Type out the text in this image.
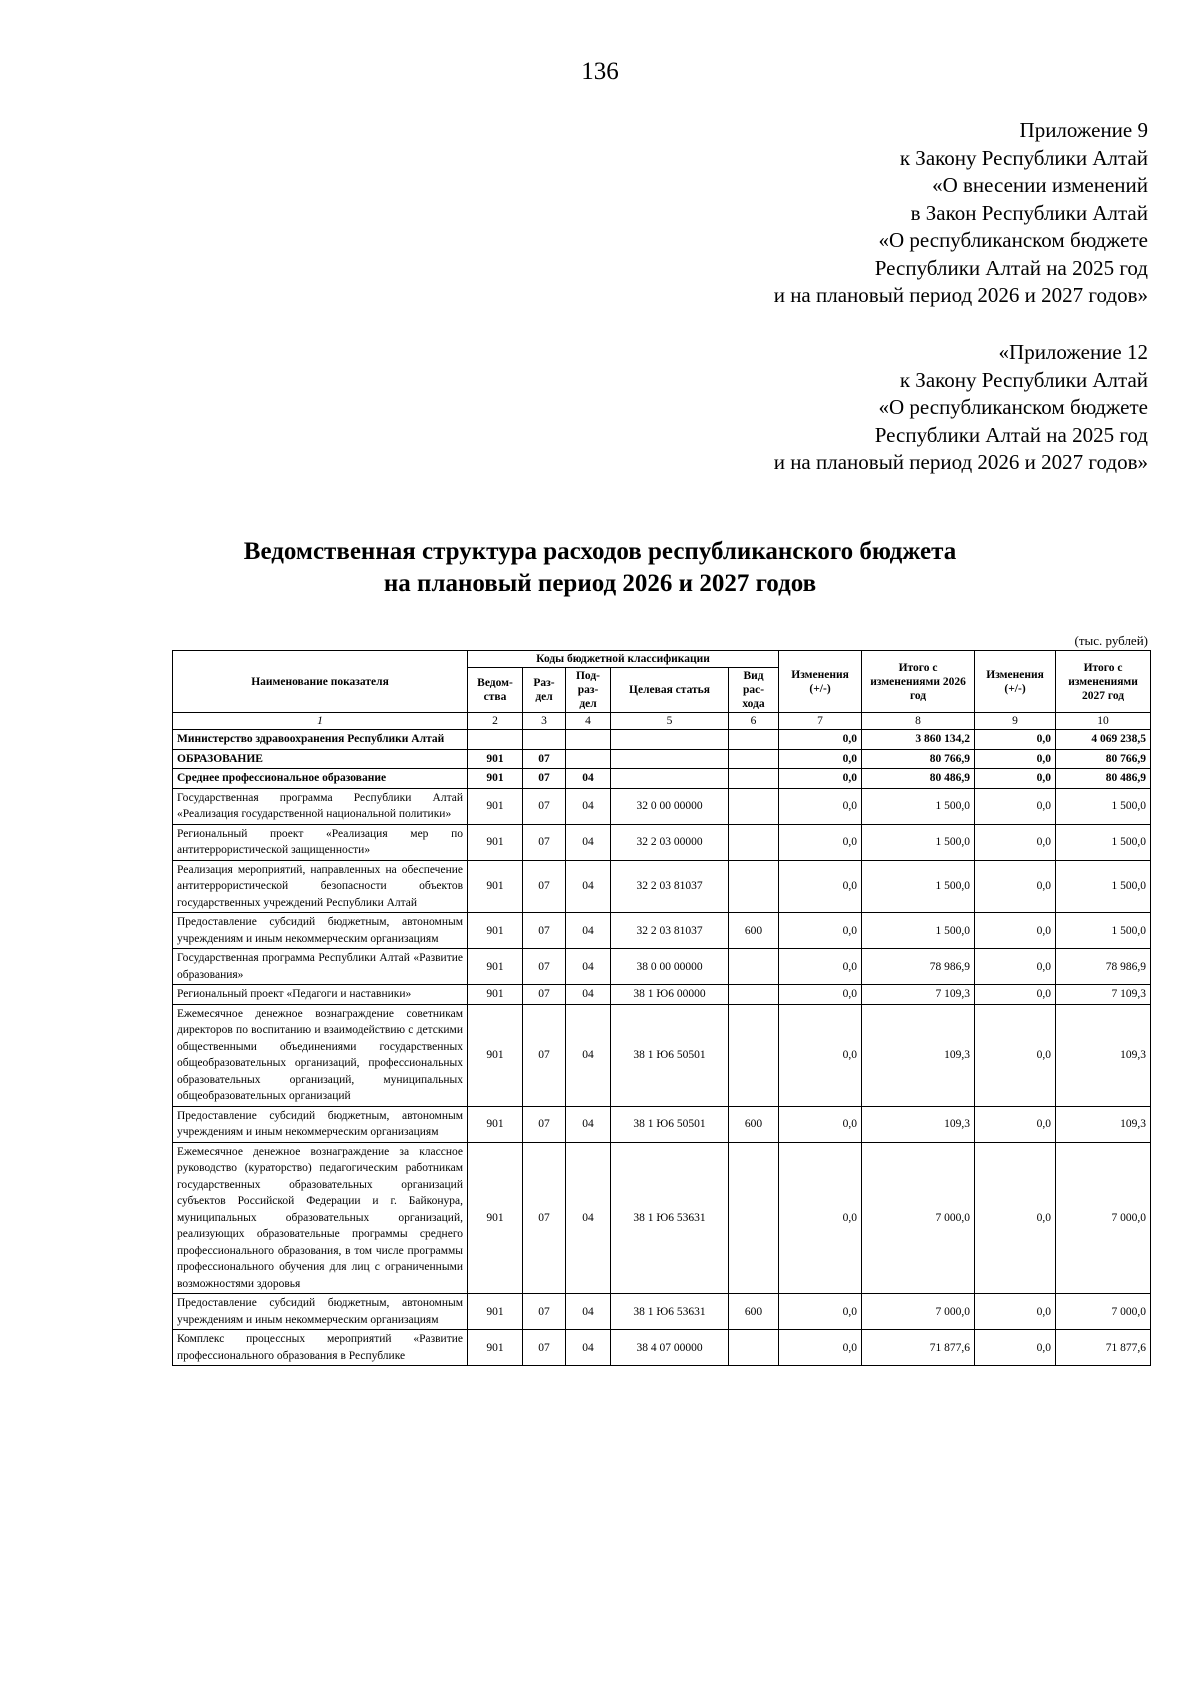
136
Приложение 9
к Закону Республики Алтай
«О внесении изменений
в Закон Республики Алтай
«О республиканском бюджете
Республики Алтай на 2025 год
и на плановый период 2026 и 2027 годов»
«Приложение 12
к Закону Республики Алтай
«О республиканском бюджете
Республики Алтай на 2025 год
и на плановый период 2026 и 2027 годов»
Ведомственная структура расходов республиканского бюджета
на плановый период 2026 и 2027 годов
(тыс. рублей)
Наименование показателя	Коды бюджетной классификации					Изменения (+/-)	Итого с изменениями 2026 год	Изменения (+/-)	Итого с изменениями 2027 год
	Ведом-ства	Раз-дел	Под-раз-дел	Целевая статья	Вид рас-хода				
1	2	3	4	5	6	7	8	9	10
Министерство здравоохранения Республики Алтай						0,0	3 860 134,2	0,0	4 069 238,5
ОБРАЗОВАНИЕ	901	07				0,0	80 766,9	0,0	80 766,9
Среднее профессиональное образование	901	07	04			0,0	80 486,9	0,0	80 486,9
Государственная программа Республики Алтай «Реализация государственной национальной политики»	901	07	04	32 0 00 00000		0,0	1 500,0	0,0	1 500,0
Региональный проект «Реализация мер по антитеррористической защищенности»	901	07	04	32 2 03 00000		0,0	1 500,0	0,0	1 500,0
Реализация мероприятий, направленных на обеспечение антитеррористической безопасности объектов государственных учреждений Республики Алтай	901	07	04	32 2 03 81037		0,0	1 500,0	0,0	1 500,0
Предоставление субсидий бюджетным, автономным учреждениям и иным некоммерческим организациям	901	07	04	32 2 03 81037	600	0,0	1 500,0	0,0	1 500,0
Государственная программа Республики Алтай «Развитие образования»	901	07	04	38 0 00 00000		0,0	78 986,9	0,0	78 986,9
Региональный проект «Педагоги и наставники»	901	07	04	38 1 Ю6 00000		0,0	7 109,3	0,0	7 109,3
Ежемесячное денежное вознаграждение советникам директоров по воспитанию и взаимодействию с детскими общественными объединениями государственных общеобразовательных организаций, профессиональных образовательных организаций, муниципальных общеобразовательных организаций	901	07	04	38 1 Ю6 50501		0,0	109,3	0,0	109,3
Предоставление субсидий бюджетным, автономным учреждениям и иным некоммерческим организациям	901	07	04	38 1 Ю6 50501	600	0,0	109,3	0,0	109,3
Ежемесячное денежное вознаграждение за классное руководство (кураторство) педагогическим работникам государственных образовательных организаций субъектов Российской Федерации и г. Байконура, муниципальных образовательных организаций, реализующих образовательные программы среднего профессионального образования, в том числе программы профессионального обучения для лиц с ограниченными возможностями здоровья	901	07	04	38 1 Ю6 53631		0,0	7 000,0	0,0	7 000,0
Предоставление субсидий бюджетным, автономным учреждениям и иным некоммерческим организациям	901	07	04	38 1 Ю6 53631	600	0,0	7 000,0	0,0	7 000,0
Комплекс процессных мероприятий «Развитие профессионального образования в Республике	901	07	04	38 4 07 00000		0,0	71 877,6	0,0	71 877,6
